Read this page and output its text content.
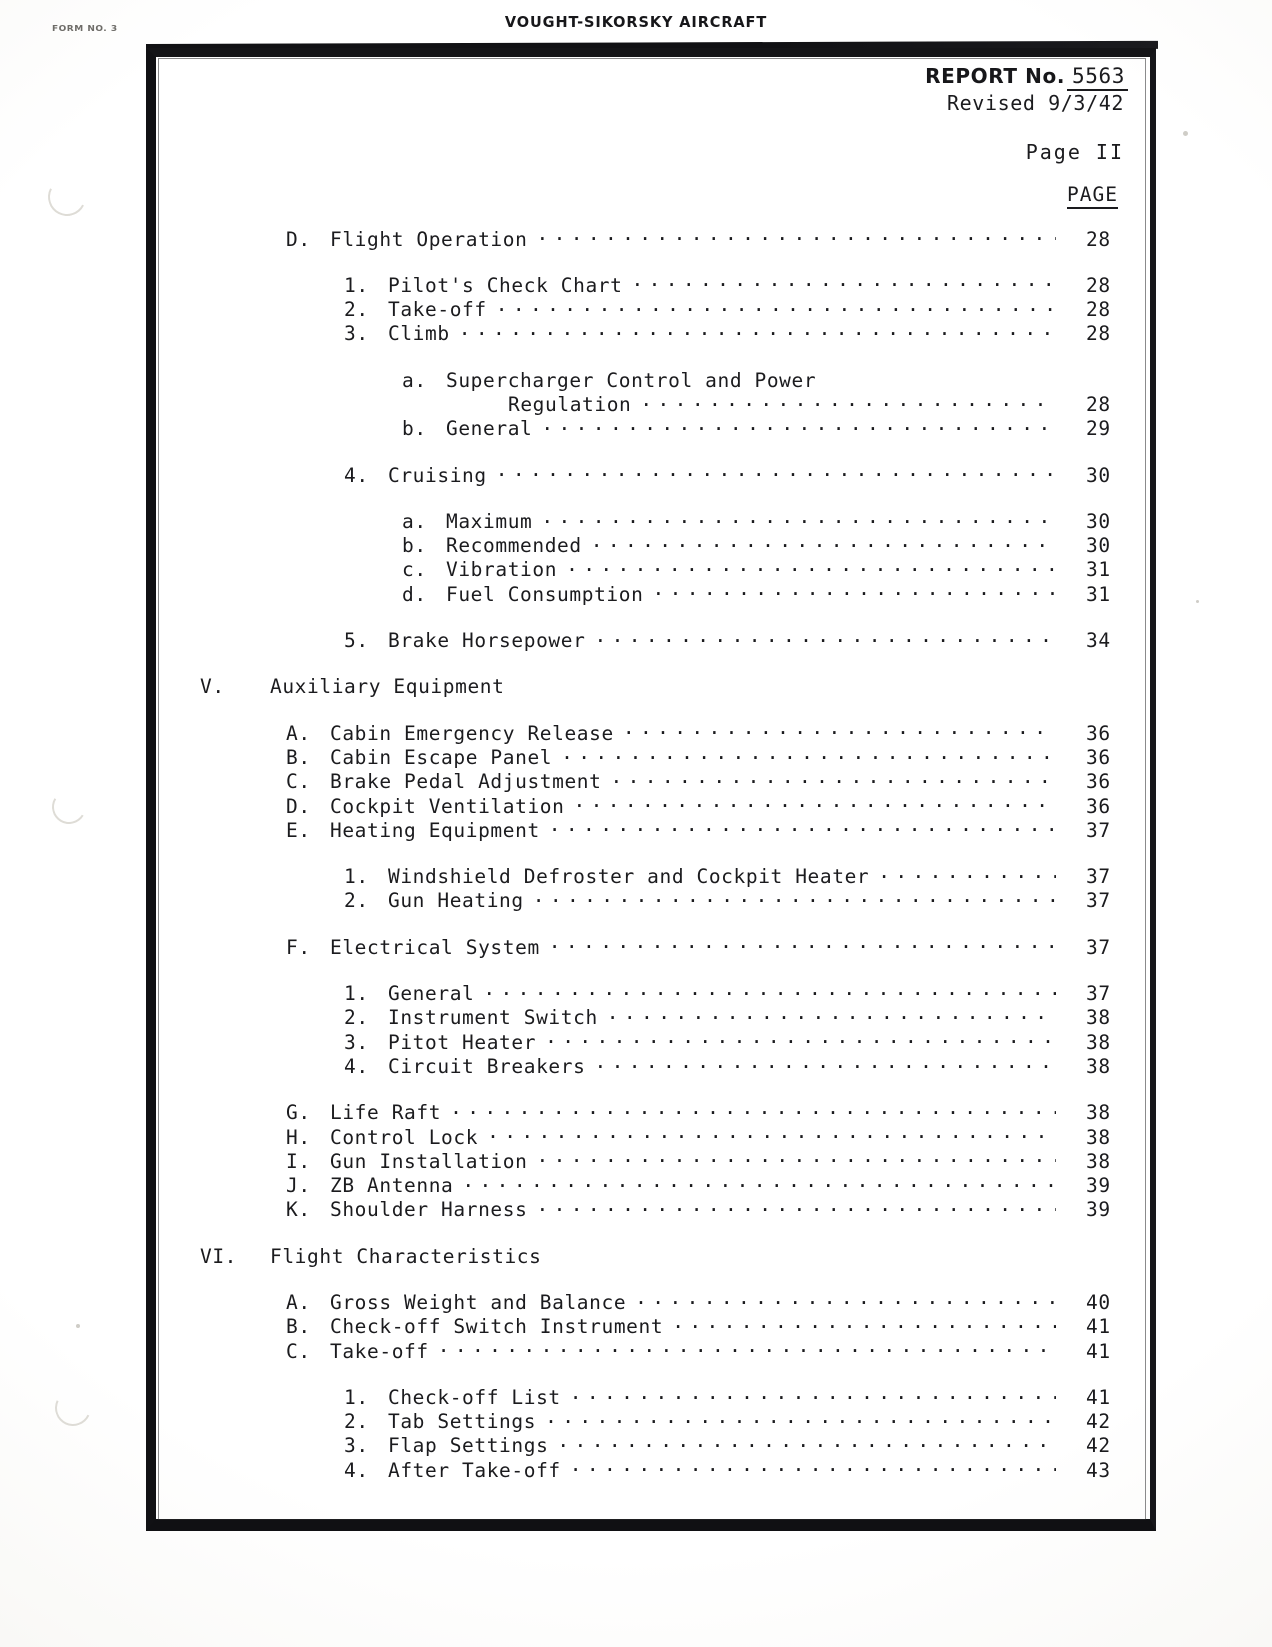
FORM NO. 3	VOUGHT-SIKORSKY AIRCRAFT
REPORT No. 5563
Revised 9/3/42
Page II
PAGE
D. Flight Operation .....	28
1. Pilot's Check Chart .....	28
2. Take-off .....	28
3. Climb .....	28
a. Supercharger Control and Power
Regulation .....	28
b. General .....	29
4. Cruising .....	30
a. Maximum .....	30
b. Recommended .....	30
c. Vibration .....	31
d. Fuel Consumption .....	31
5. Brake Horsepower .....	34
V.	Auxiliary Equipment
A. Cabin Emergency Release .....	36
B. Cabin Escape Panel .....	36
C. Brake Pedal Adjustment .....	36
D. Cockpit Ventilation .....	36
E. Heating Equipment .....	37
1. Windshield Defroster and Cockpit Heater .....	37
2. Gun Heating .....	37
F. Electrical System .....	37
1. General .....	37
2. Instrument Switch .....	38
3. Pitot Heater .....	38
4. Circuit Breakers .....	38
G. Life Raft .....	38
H. Control Lock .....	38
I. Gun Installation .....	38
J. ZB Antenna .....	39
K. Shoulder Harness .....	39
VI.	Flight Characteristics
A. Gross Weight and Balance .....	40
B. Check-off Switch Instrument .....	41
C. Take-off .....	41
1. Check-off List .....	41
2. Tab Settings .....	42
3. Flap Settings .....	42
4. After Take-off .....	43
